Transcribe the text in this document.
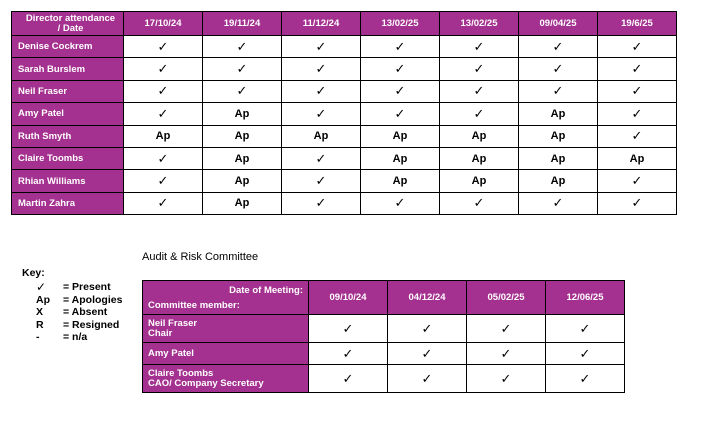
Director attendance
/ Date	17/10/24	19/11/24	11/12/24	13/02/25	13/02/25	09/04/25	19/6/25
Denise Cockrem	✓	✓	✓	✓	✓	✓	✓
Sarah Burslem	✓	✓	✓	✓	✓	✓	✓
Neil Fraser	✓	✓	✓	✓	✓	✓	✓
Amy Patel	✓	Ap	✓	✓	✓	Ap	✓
Ruth Smyth	Ap	Ap	Ap	Ap	Ap	Ap	✓
Claire Toombs	✓	Ap	✓	Ap	Ap	Ap	Ap
Rhian Williams	✓	Ap	✓	Ap	Ap	Ap	✓
Martin Zahra	✓	Ap	✓	✓	✓	✓	✓
Audit & Risk Committee
Key:
✓	= Present
Ap	= Apologies
X	= Absent
R	= Resigned
-	= n/a
Date of Meeting:
Committee member:	09/10/24	04/12/24	05/02/25	12/06/25

Neil Fraser
Chair	✓	✓	✓	✓

Amy Patel	✓	✓	✓	✓

Claire Toombs
CAO/ Company Secretary	✓	✓	✓	✓
